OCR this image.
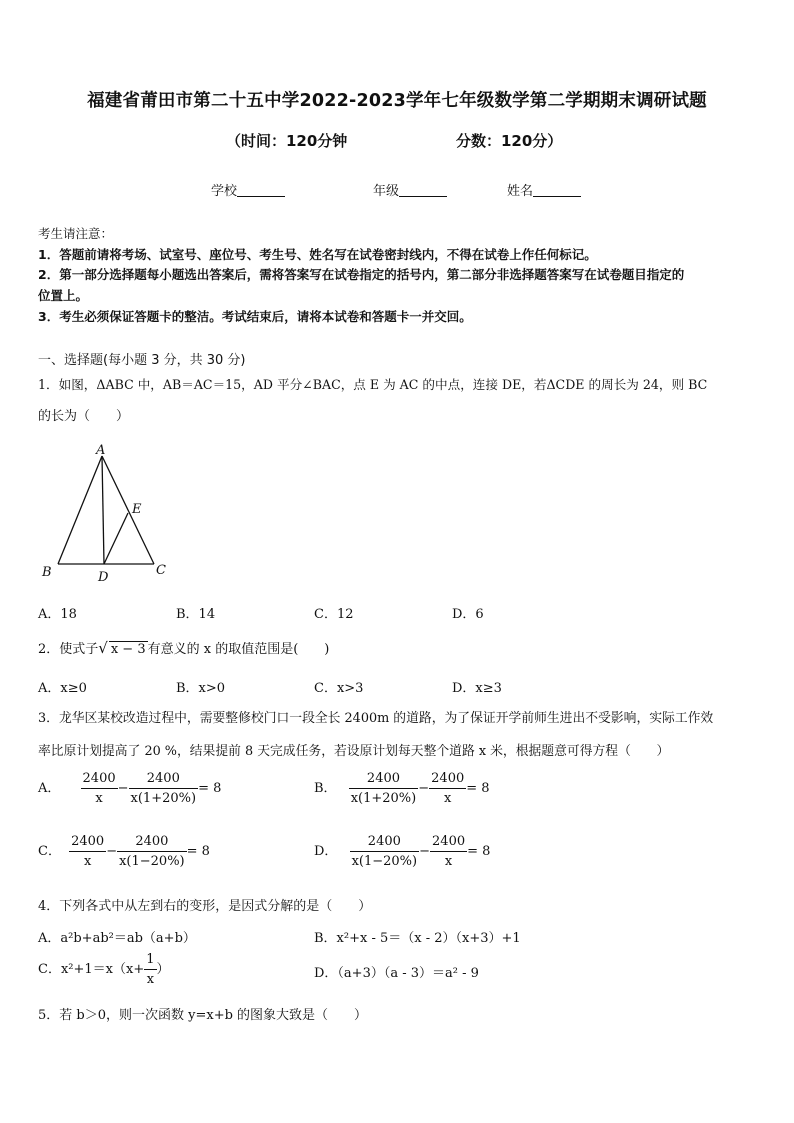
福建省莆田市第二十五中学2022-2023学年七年级数学第二学期期末调研试题
（时间：120分钟	分数：120分）
学校	年级	姓名
考生请注意：
1．答题前请将考场、试室号、座位号、考生号、姓名写在试卷密封线内，不得在试卷上作任何标记。
2．第一部分选择题每小题选出答案后，需将答案写在试卷指定的括号内，第二部分非选择题答案写在试卷题目指定的
位置上。
3．考生必须保证答题卡的整洁。考试结束后，请将本试卷和答题卡一并交回。
一、选择题(每小题 3 分，共 30 分)
1．如图，ΔABC 中，AB＝AC＝15，AD 平分∠BAC，点 E 为 AC 的中点，连接 DE，若ΔCDE 的周长为 24，则 BC
的长为（　　）
A
E
B	D	C
A．18	B．14	C．12	D．6
2．使式子√ x − 3 有意义的 x 的取值范围是(　　)
A．x≥0	B．x>0	C．x>3	D．x≥3
3．龙华区某校改造过程中，需要整修校门口一段全长 2400m 的道路，为了保证开学前师生进出不受影响，实际工作效
率比原计划提高了 20 %，结果提前 8 天完成任务，若设原计划每天整个道路 x 米，根据题意可得方程（　　）
A． $\frac{2400}{x} - \frac{2400}{x(1+20\%)} = 8$	B． $\frac{2400}{x(1+20\%)} - \frac{2400}{x} = 8$
C． $\frac{2400}{x} - \frac{2400}{x(1-20\%)} = 8$	D． $\frac{2400}{x(1-20\%)} - \frac{2400}{x} = 8$
4．下列各式中从左到右的变形，是因式分解的是（　　）
A．a²b+ab²＝ab（a+b）	B．x²+x - 5＝（x - 2）（x+3）+1
C．$x^2+1=x(x+ \frac{1}{x}$ ）	D．（a+3）（a - 3）＝a² - 9
5．若 b＞0，则一次函数 y=x+b 的图象大致是（　　）
